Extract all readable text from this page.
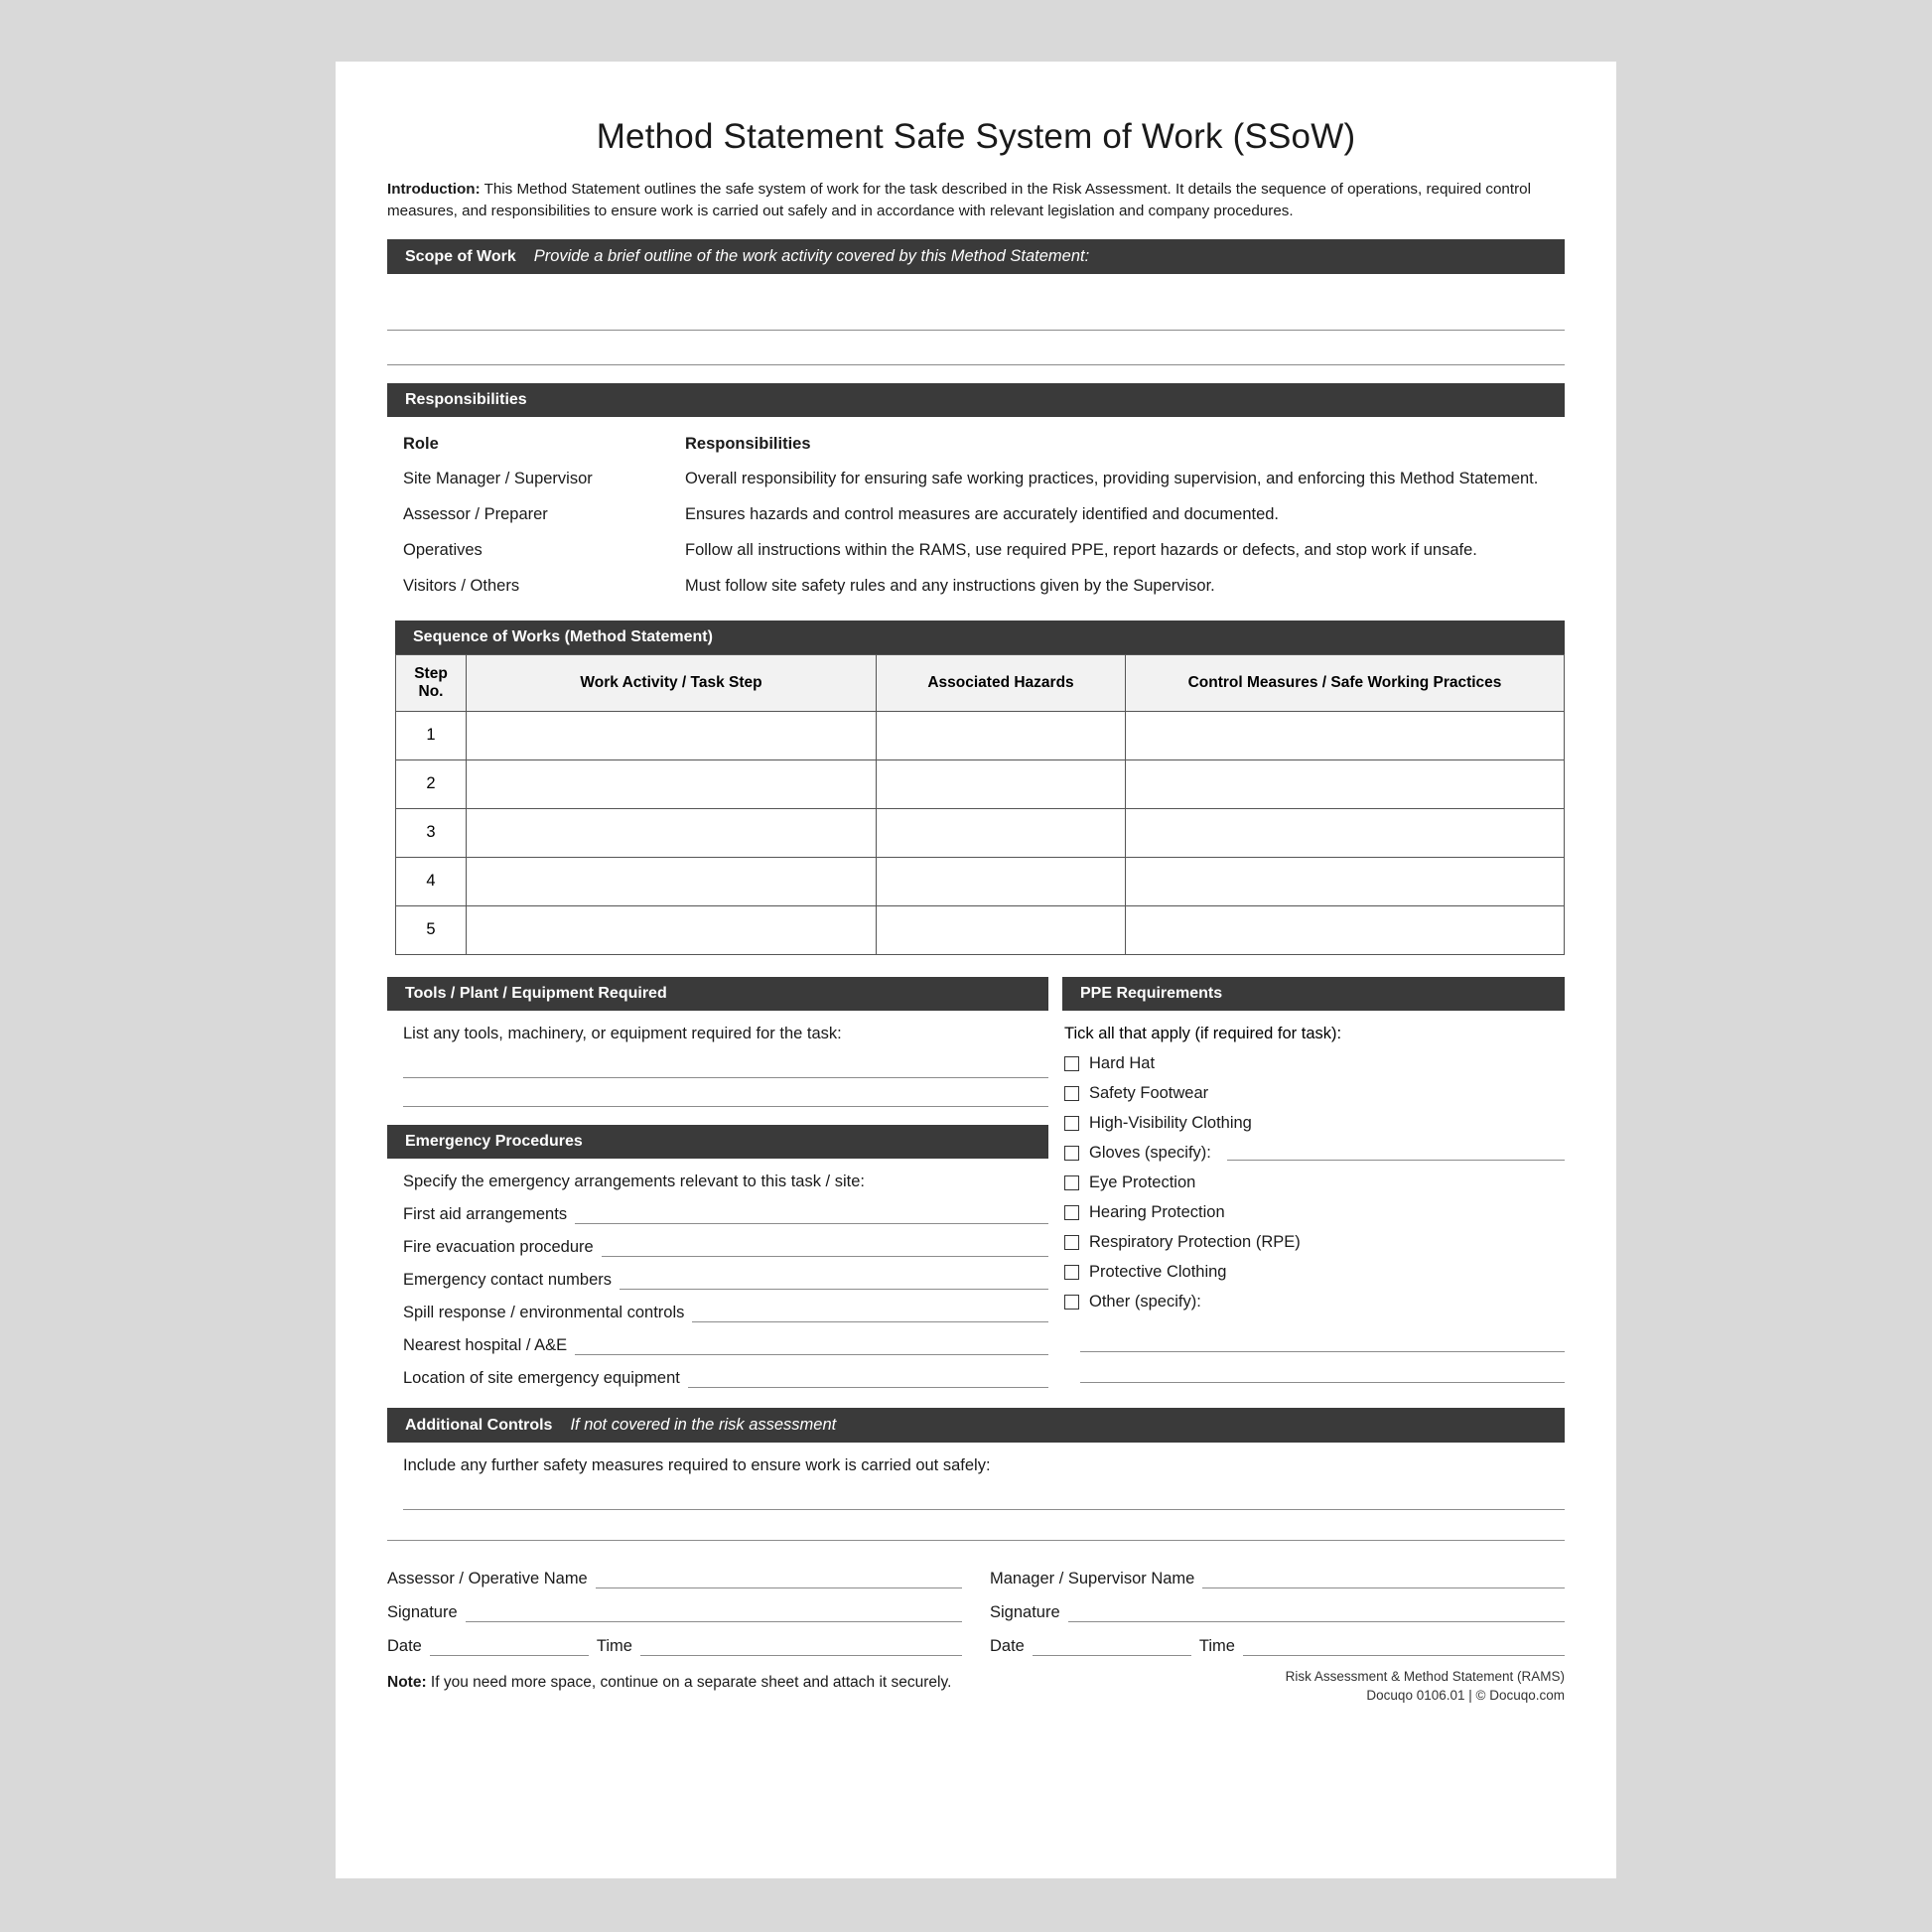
Method Statement Safe System of Work (SSoW)
Introduction: This Method Statement outlines the safe system of work for the task described in the Risk Assessment. It details the sequence of operations, required control measures, and responsibilities to ensure work is carried out safely and in accordance with relevant legislation and company procedures.
Scope of Work Provide a brief outline of the work activity covered by this Method Statement:
Responsibilities
Role	Responsibilities
Site Manager / Supervisor	Overall responsibility for ensuring safe working practices, providing supervision, and enforcing this Method Statement.
Assessor / Preparer	Ensures hazards and control measures are accurately identified and documented.
Operatives	Follow all instructions within the RAMS, use required PPE, report hazards or defects, and stop work if unsafe.
Visitors / Others	Must follow site safety rules and any instructions given by the Supervisor.
Sequence of Works (Method Statement)
Step No.	Work Activity / Task Step	Associated Hazards	Control Measures / Safe Working Practices
1			
2			
3			
4			
5			
Tools / Plant / Equipment Required
List any tools, machinery, or equipment required for the task:
Emergency Procedures
Specify the emergency arrangements relevant to this task / site:
First aid arrangements
Fire evacuation procedure
Emergency contact numbers
Spill response / environmental controls
Nearest hospital / A&E
Location of site emergency equipment
PPE Requirements
Tick all that apply (if required for task):
Hard Hat
Safety Footwear
High-Visibility Clothing
Gloves (specify):
Eye Protection
Hearing Protection
Respiratory Protection (RPE)
Protective Clothing
Other (specify):
Additional Controls If not covered in the risk assessment
Include any further safety measures required to ensure work is carried out safely:
Assessor / Operative Name
Signature
Date	Time
Manager / Supervisor Name
Signature
Date	Time
Note: If you need more space, continue on a separate sheet and attach it securely.	Risk Assessment & Method Statement (RAMS)
Docuqo 0106.01 | © Docuqo.com
